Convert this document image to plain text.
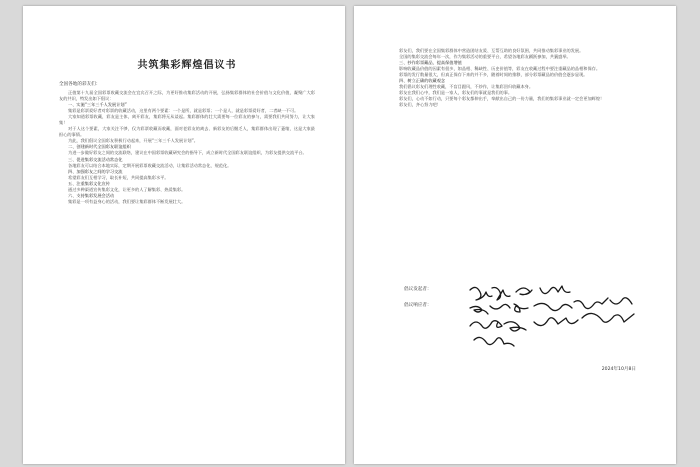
共筑集彩辉煌倡议书
全国各地的彩友们：

正值第十九届全国彩票收藏交流会在宜宾召开之际，为更好推动集彩活动的开展，弘扬集彩群体的社会价值与文化价值，凝聚广大彩友的共识，特发出如下倡议：

一、实施“三年三千人发展计划”

集彩是彩票爱好者对彩票的收藏活动，这里有两个要素：一个是所，就是彩票；一个是人，就是彩票爱好者，二者缺一不可。

大家知道彩票收藏，彩友是主体，离开彩友，集彩将无从谈起。集彩群体的壮大需要每一位彩友的参与，需要我们共同努力，让大家集！

对于人这个要素，大家关注不够，仅为彩票收藏而收藏，面对老彩友的离去、新彩友的后继乏人，集彩群体出现了萎缩，这是大家最担心的事情。

为此，我们倡议全国彩友积极行动起来，开展“三年三千人发展计划”。

二、创建新时代全国彩友联谊组织

为进一步做好彩友之间的交流联络，建议在中国彩票收藏研究会的指导下，成立新时代全国彩友联谊组织，为彩友提供交流平台。

三、促进集彩交流活动常态化

各地彩友可以结合本地实际，定期开展彩票收藏交流活动，让集彩活动常态化、规范化。

四、加强彩友之间的学习交流

希望彩友们互相学习，取长补短，共同提高集彩水平。

五、注重集彩文化宣传

通过多种渠道宣传集彩文化，让更多的人了解集彩、热爱集彩。

六、支持集彩发展会活动

集彩是一项有益身心的活动，我们要让集彩群体不断发展壮大。

彩友们，我们要在全国集彩群体中营造团结友爱、互帮互助的良好氛围，共同推动集彩事业的发展。

全国的集彩交流会每年一次，作为集彩活动的重要平台，希望各地彩友踊跃参加，共襄盛举。

三、抄作彩票藏品，提高保值增值

影响收藏品价值的因素有很多，如品相、稀缺性、历史价值等，彩友在收藏过程中要注重藏品的品相和保存。

彩票的发行数量很大，但真正保存下来的并不多，随着时间的推移，部分彩票藏品的价值会逐步显现。

四、树立正确的收藏观念

我们倡议彩友们理性收藏，不盲目跟风，不炒作，让集彩回归收藏本身。

彩友在我们心中，我们是一家人，彩友们的事就是我们的事。

彩友们，心动不如行动，只要每个彩友都伸出手，奉献出自己的一份力量，我们的集彩事业就一定会更加辉煌！

彩友们，齐心努力吧！

倡议发起者：
倡议响应者：
2024年10月8日
